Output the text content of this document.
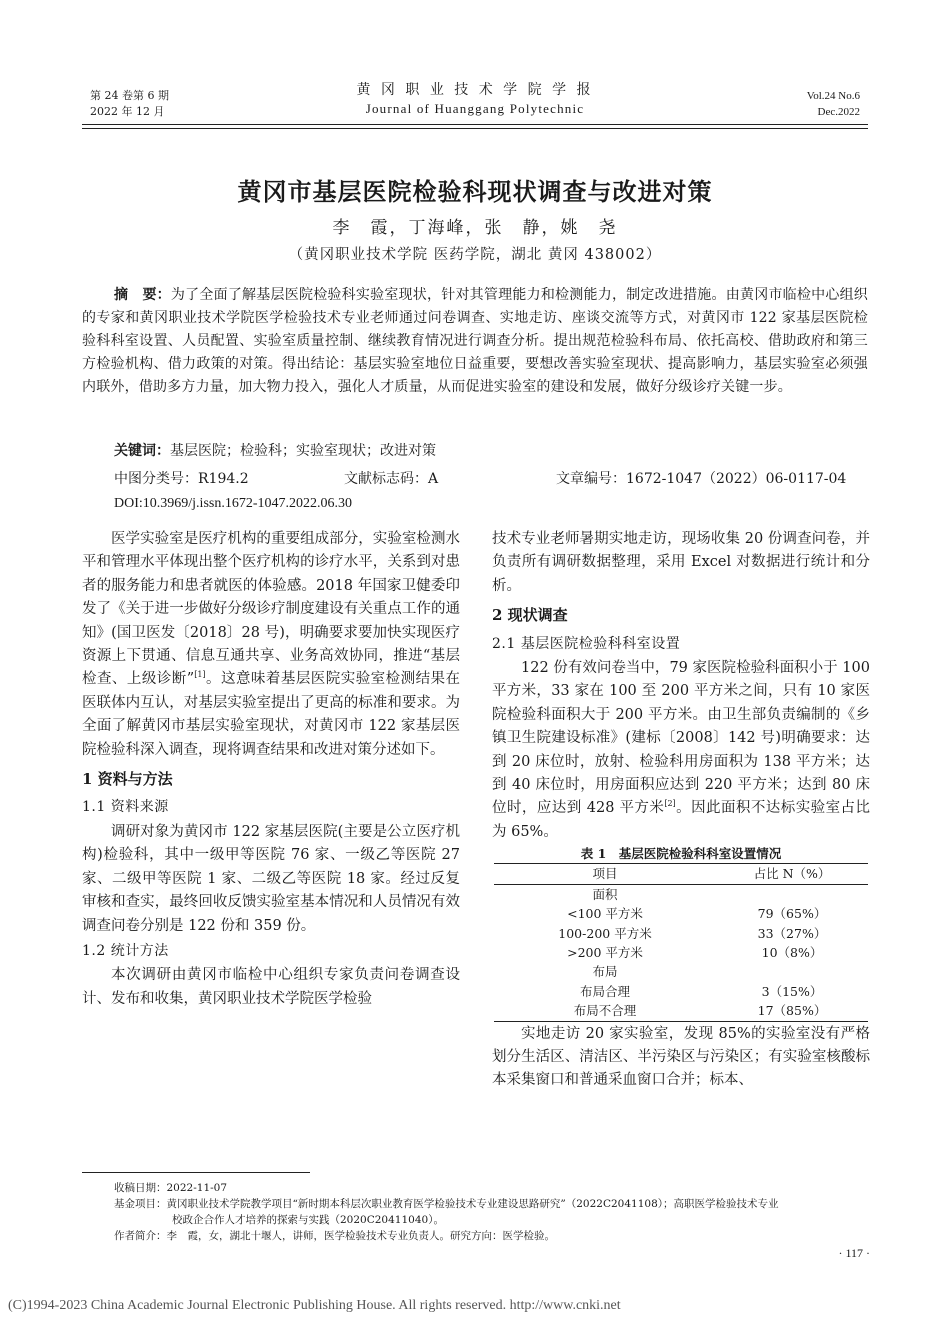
第 24 卷第 6 期
2022 年 12 月
黄 冈 职 业 技 术 学 院 学 报
Journal of Huanggang Polytechnic
Vol.24 No.6
Dec.2022
黄冈市基层医院检验科现状调查与改进对策
李　霞，丁海峰，张　静，姚　尧
（黄冈职业技术学院 医药学院，湖北 黄冈 438002）
摘　要：为了全面了解基层医院检验科实验室现状，针对其管理能力和检测能力，制定改进措施。由黄冈市临检中心组织的专家和黄冈职业技术学院医学检验技术专业老师通过问卷调查、实地走访、座谈交流等方式，对黄冈市 122 家基层医院检验科科室设置、人员配置、实验室质量控制、继续教育情况进行调查分析。提出规范检验科布局、依托高校、借助政府和第三方检验机构、借力政策的对策。得出结论：基层实验室地位日益重要，要想改善实验室现状、提高影响力，基层实验室必须强内联外，借助多方力量，加大物力投入，强化人才质量，从而促进实验室的建设和发展，做好分级诊疗关键一步。
关键词：基层医院；检验科；实验室现状；改进对策
中图分类号：R194.2	文献标志码：A	文章编号：1672-1047（2022）06-0117-04
DOI:10.3969/j.issn.1672-1047.2022.06.30

医学实验室是医疗机构的重要组成部分，实验室检测水平和管理水平体现出整个医疗机构的诊疗水平，关系到对患者的服务能力和患者就医的体验感。2018 年国家卫健委印发了《关于进一步做好分级诊疗制度建设有关重点工作的通知》(国卫医发〔2018〕28 号)，明确要求要加快实现医疗资源上下贯通、信息互通共享、业务高效协同，推进“基层检查、上级诊断”[1]。这意味着基层医院实验室检测结果在医联体内互认，对基层实验室提出了更高的标准和要求。为全面了解黄冈市基层实验室现状，对黄冈市 122 家基层医院检验科深入调查，现将调查结果和改进对策分述如下。

1 资料与方法
1.1 资料来源

调研对象为黄冈市 122 家基层医院(主要是公立医疗机构)检验科，其中一级甲等医院 76 家、一级乙等医院 27 家、二级甲等医院 1 家、二级乙等医院 18 家。经过反复审核和查实，最终回收反馈实验室基本情况和人员情况有效调查问卷分别是 122 份和 359 份。

1.2 统计方法

本次调研由黄冈市临检中心组织专家负责问卷调查设计、发布和收集，黄冈职业技术学院医学检验

技术专业老师暑期实地走访，现场收集 20 份调查问卷，并负责所有调研数据整理，采用 Excel 对数据进行统计和分析。

2 现状调查
2.1 基层医院检验科科室设置

122 份有效问卷当中，79 家医院检验科面积小于 100 平方米，33 家在 100 至 200 平方米之间，只有 10 家医院检验科面积大于 200 平方米。由卫生部负责编制的《乡镇卫生院建设标准》(建标〔2008〕142 号)明确要求：达到 20 床位时，放射、检验科用房面积为 138 平方米；达到 40 床位时，用房面积应达到 220 平方米；达到 80 床位时，应达到 428 平方米[2]。因此面积不达标实验室占比为 65%。

表 1　基层医院检验科科室设置情况
项目	占比 N（%）
面积	
<100 平方米	79（65%）
100-200 平方米	33（27%）
>200 平方米	10（8%）
布局	
布局合理	3（15%）
布局不合理	17（85%）

实地走访 20 家实验室，发现 85%的实验室没有严格划分生活区、清洁区、半污染区与污染区；有实验室核酸标本采集窗口和普通采血窗口合并；标本、

收稿日期：2022-11-07
基金项目：黄冈职业技术学院教学项目“新时期本科层次职业教育医学检验技术专业建设思路研究”（2022C2041108）；高职医学检验技术专业
校政企合作人才培养的探索与实践（2020C20411040）。
作者简介：李　霞，女，湖北十堰人，讲师，医学检验技术专业负责人。研究方向：医学检验。
· 117 ·
(C)1994-2023 China Academic Journal Electronic Publishing House. All rights reserved. http://www.cnki.net
